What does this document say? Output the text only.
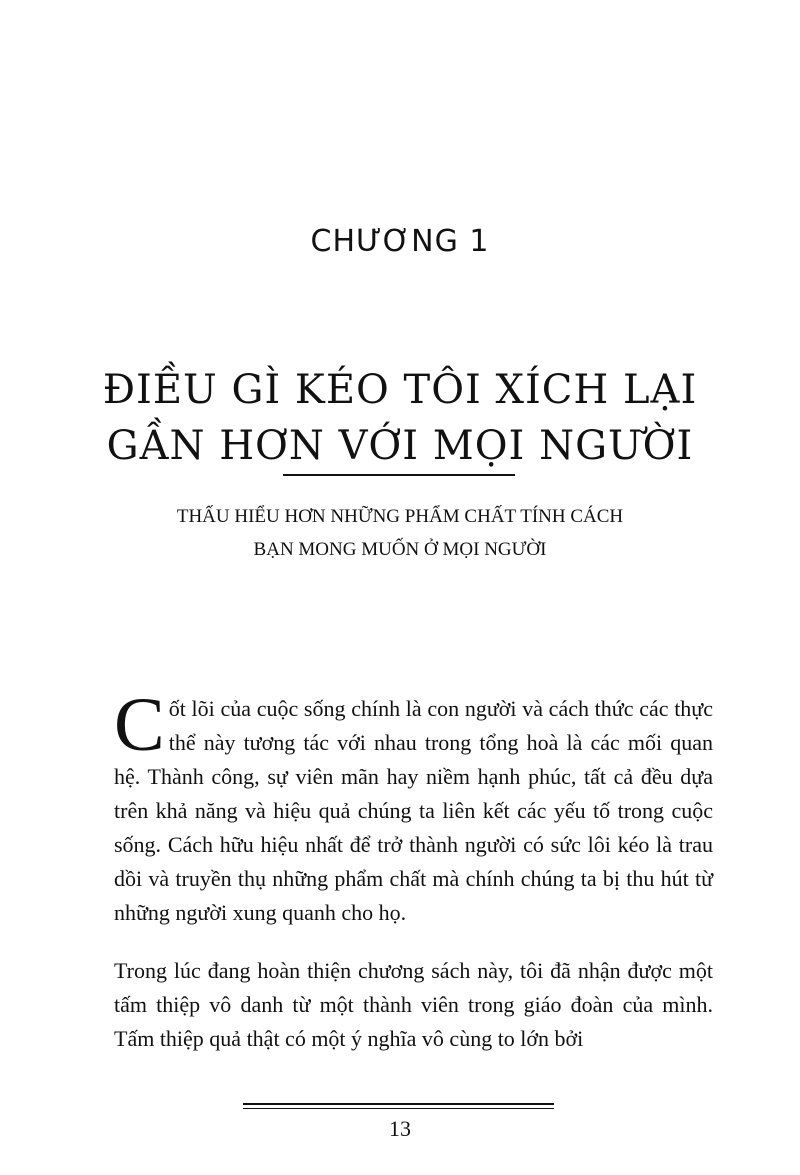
CHƯƠNG 1
ĐIỀU GÌ KÉO TÔI XÍCH LẠI
GẦN HƠN VỚI MỌI NGƯỜI
THẤU HIỂU HƠN NHỮNG PHẨM CHẤT TÍNH CÁCH
BẠN MONG MUỐN Ở MỌI NGƯỜI

Cốt lõi của cuộc sống chính là con người và cách thức các thực thể này tương tác với nhau trong tổng hoà là các mối quan hệ. Thành công, sự viên mãn hay niềm hạnh phúc, tất cả đều dựa trên khả năng và hiệu quả chúng ta liên kết các yếu tố trong cuộc sống. Cách hữu hiệu nhất để trở thành người có sức lôi kéo là trau dồi và truyền thụ những phẩm chất mà chính chúng ta bị thu hút từ những người xung quanh cho họ.

Trong lúc đang hoàn thiện chương sách này, tôi đã nhận được một tấm thiệp vô danh từ một thành viên trong giáo đoàn của mình. Tấm thiệp quả thật có một ý nghĩa vô cùng to lớn bởi

13
